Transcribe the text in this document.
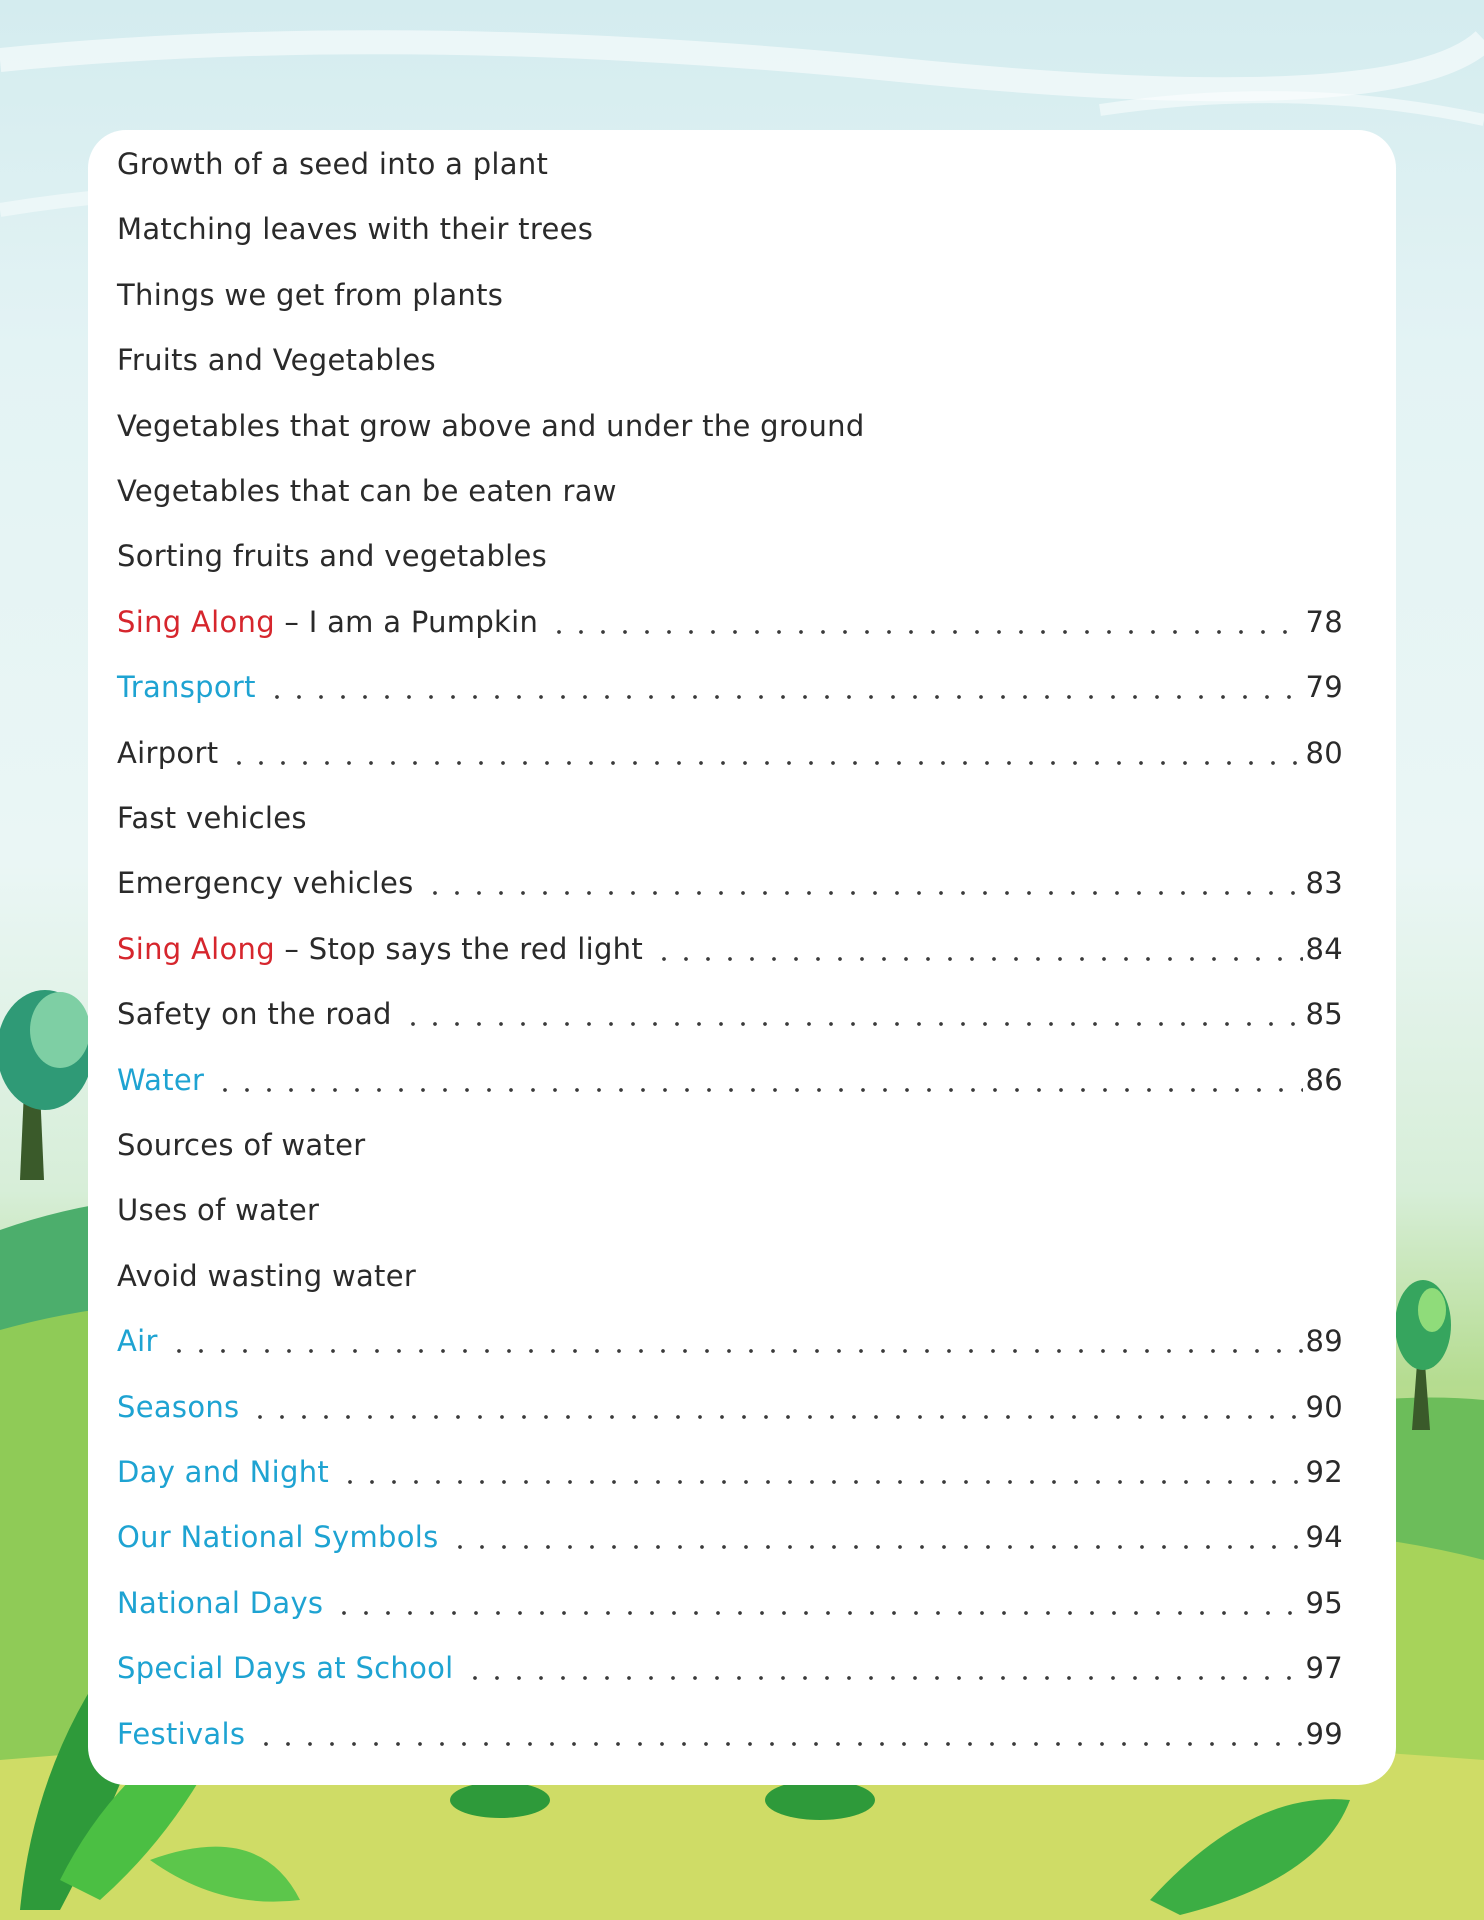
Growth of a seed into a plant
Matching leaves with their trees
Things we get from plants
Fruits and Vegetables
Vegetables that grow above and under the ground
Vegetables that can be eaten raw
Sorting fruits and vegetables
Sing Along – I am a Pumpkin	78
Transport	79
Airport	80
Fast vehicles
Emergency vehicles	83
Sing Along – Stop says the red light	84
Safety on the road	85
Water	86
Sources of water
Uses of water
Avoid wasting water
Air	89
Seasons	90
Day and Night	92
Our National Symbols	94
National Days	95
Special Days at School	97
Festivals	99
